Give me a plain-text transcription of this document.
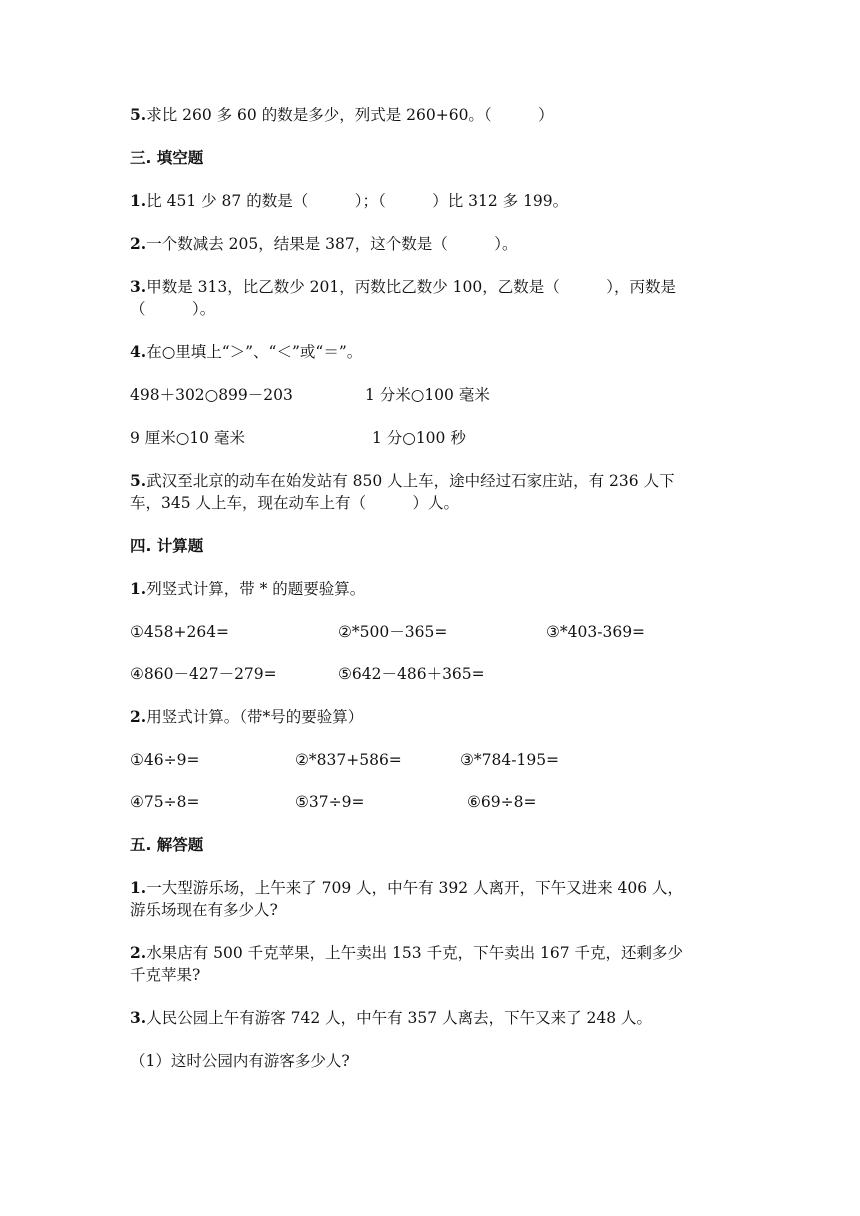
5.求比 260 多 60 的数是多少，列式是 260+60。（　　　）
三. 填空题
1.比 451 少 87 的数是（　　　）；（　　　）比 312 多 199。
2.一个数减去 205，结果是 387，这个数是（　　　）。
3.甲数是 313，比乙数少 201，丙数比乙数少 100，乙数是（　　　），丙数是
（　　　）。
4.在○里填上“＞”、“＜”或“＝”。
498＋302○899－203	1 分米○100 毫米
9 厘米○10 毫米	1 分○100 秒
5.武汉至北京的动车在始发站有 850 人上车，途中经过石家庄站，有 236 人下
车，345 人上车，现在动车上有（　　　）人。
四. 计算题
1.列竖式计算，带 * 的题要验算。
①458+264=	②*500－365=	③*403-369=
④860－427－279=	⑤642－486＋365=
2.用竖式计算。（带*号的要验算）
①46÷9=	②*837+586=	③*784-195=
④75÷8=	⑤37÷9=	⑥69÷8=
五. 解答题
1.一大型游乐场，上午来了 709 人，中午有 392 人离开，下午又进来 406 人，
游乐场现在有多少人?
2.水果店有 500 千克苹果，上午卖出 153 千克，下午卖出 167 千克，还剩多少
千克苹果?
3.人民公园上午有游客 742 人，中午有 357 人离去，下午又来了 248 人。
（1）这时公园内有游客多少人?
